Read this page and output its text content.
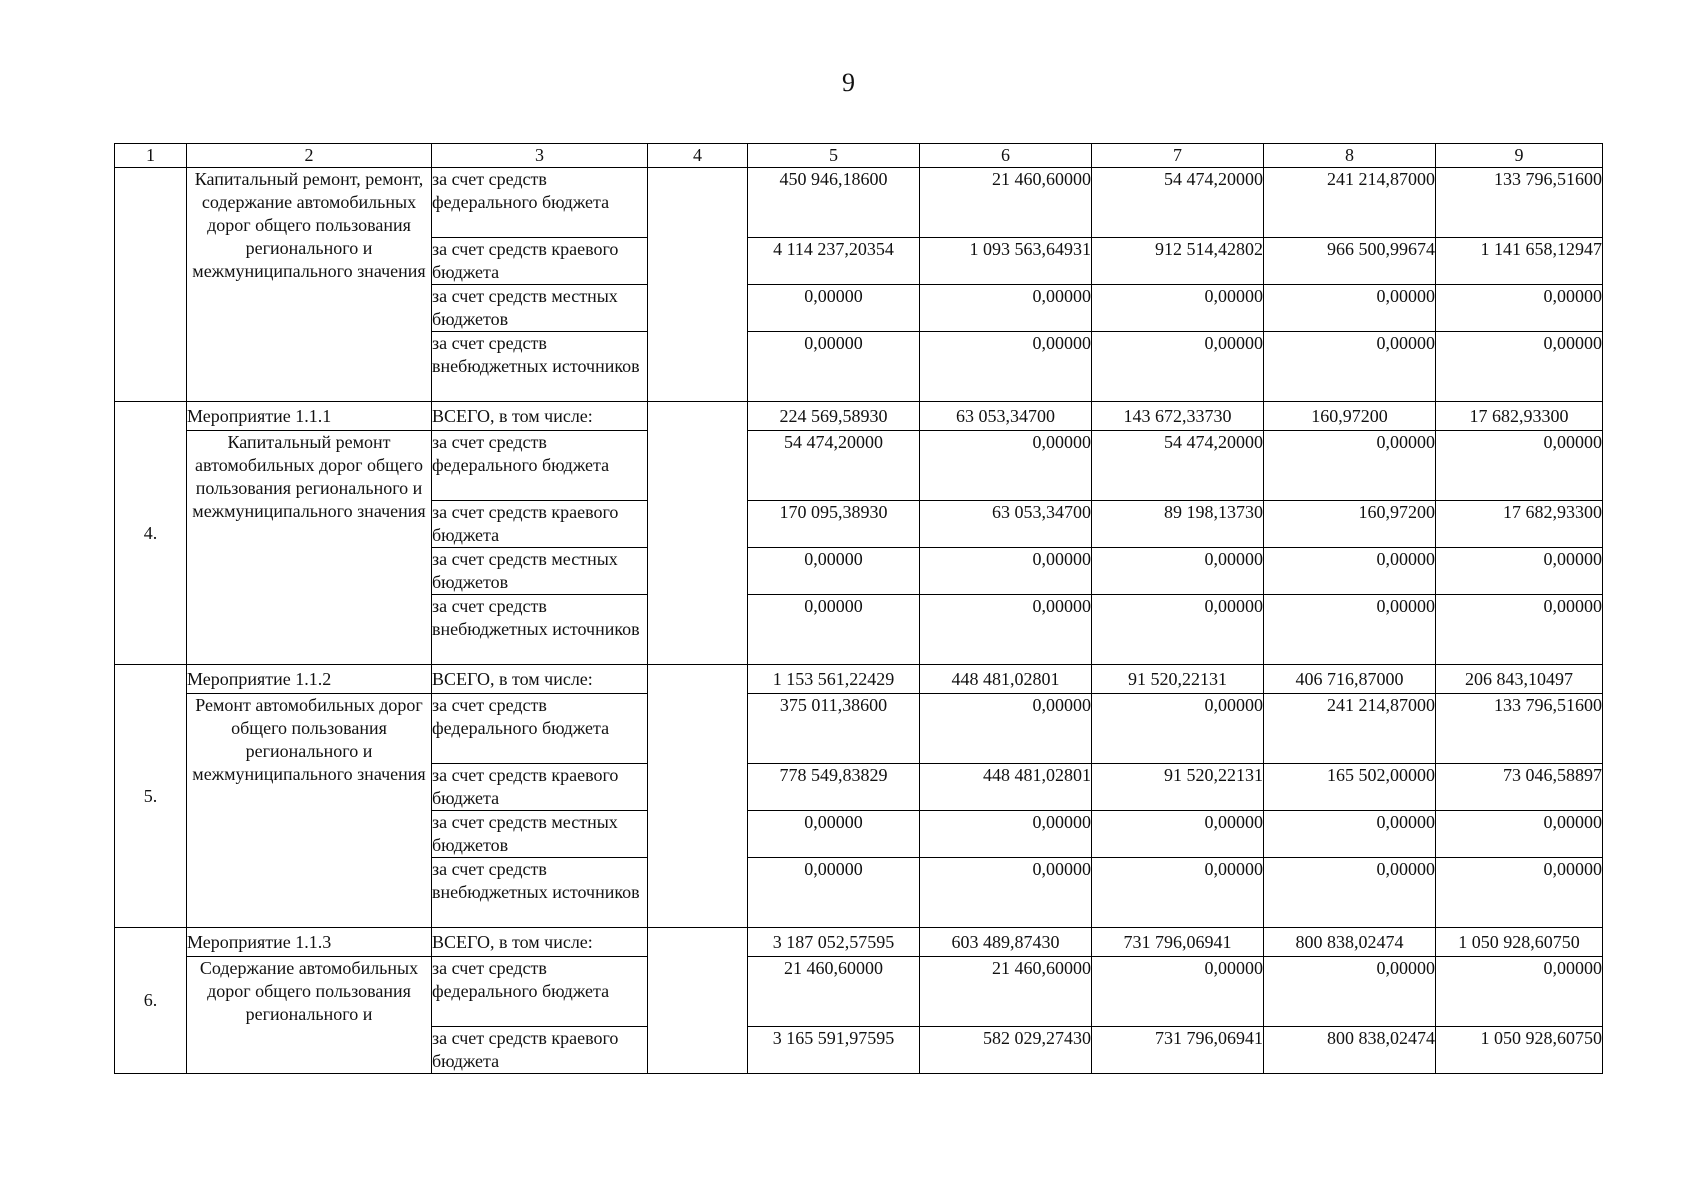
9
1	2	3	4	5	6	7	8	9
	Капитальный ремонт, ремонт, содержание автомобильных дорог общего пользования регионального и межмуниципального значения	за счет средств федерального бюджета		450 946,18600	21 460,60000	54 474,20000	241 214,87000	133 796,51600
		за счет средств краевого бюджета		4 114 237,20354	1 093 563,64931	912 514,42802	966 500,99674	1 141 658,12947
		за счет средств местных бюджетов		0,00000	0,00000	0,00000	0,00000	0,00000
		за счет средств внебюджетных источников		0,00000	0,00000	0,00000	0,00000	0,00000
4.	Мероприятие 1.1.1	ВСЕГО, в том числе:		224 569,58930	63 053,34700	143 672,33730	160,97200	17 682,93300
	Капитальный ремонт автомобильных дорог общего пользования регионального и межмуниципального значения	за счет средств федерального бюджета		54 474,20000	0,00000	54 474,20000	0,00000	0,00000
		за счет средств краевого бюджета		170 095,38930	63 053,34700	89 198,13730	160,97200	17 682,93300
		за счет средств местных бюджетов		0,00000	0,00000	0,00000	0,00000	0,00000
		за счет средств внебюджетных источников		0,00000	0,00000	0,00000	0,00000	0,00000
5.	Мероприятие 1.1.2	ВСЕГО, в том числе:		1 153 561,22429	448 481,02801	91 520,22131	406 716,87000	206 843,10497
	Ремонт автомобильных дорог общего пользования регионального и межмуниципального значения	за счет средств федерального бюджета		375 011,38600	0,00000	0,00000	241 214,87000	133 796,51600
		за счет средств краевого бюджета		778 549,83829	448 481,02801	91 520,22131	165 502,00000	73 046,58897
		за счет средств местных бюджетов		0,00000	0,00000	0,00000	0,00000	0,00000
		за счет средств внебюджетных источников		0,00000	0,00000	0,00000	0,00000	0,00000
6.	Мероприятие 1.1.3	ВСЕГО, в том числе:		3 187 052,57595	603 489,87430	731 796,06941	800 838,02474	1 050 928,60750
	Содержание автомобильных дорог общего пользования регионального и	за счет средств федерального бюджета		21 460,60000	21 460,60000	0,00000	0,00000	0,00000
		за счет средств краевого бюджета		3 165 591,97595	582 029,27430	731 796,06941	800 838,02474	1 050 928,60750
